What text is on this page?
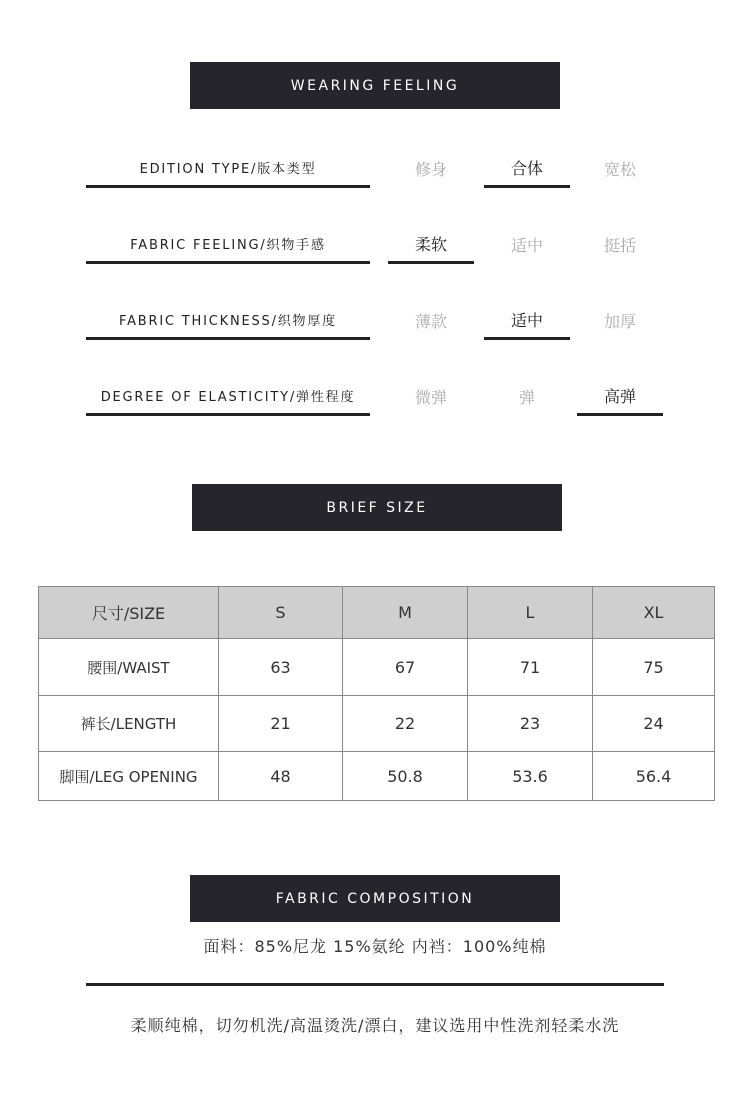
WEARING FEELING
EDITION TYPE/版本类型	修身	合体	宽松
FABRIC FEELING/织物手感	柔软	适中	挺括
FABRIC THICKNESS/织物厚度	薄款	适中	加厚
DEGREE OF ELASTICITY/弹性程度	微弹	弹	高弹
BRIEF SIZE
尺寸/SIZE	S	M	L	XL
腰围/WAIST	63	67	71	75
裤长/LENGTH	21	22	23	24
脚围/LEG OPENING	48	50.8	53.6	56.4
FABRIC COMPOSITION
面料：85%尼龙 15%氨纶 内裆：100%纯棉
柔顺纯棉，切勿机洗/高温烫洗/漂白，建议选用中性洗剂轻柔水洗
